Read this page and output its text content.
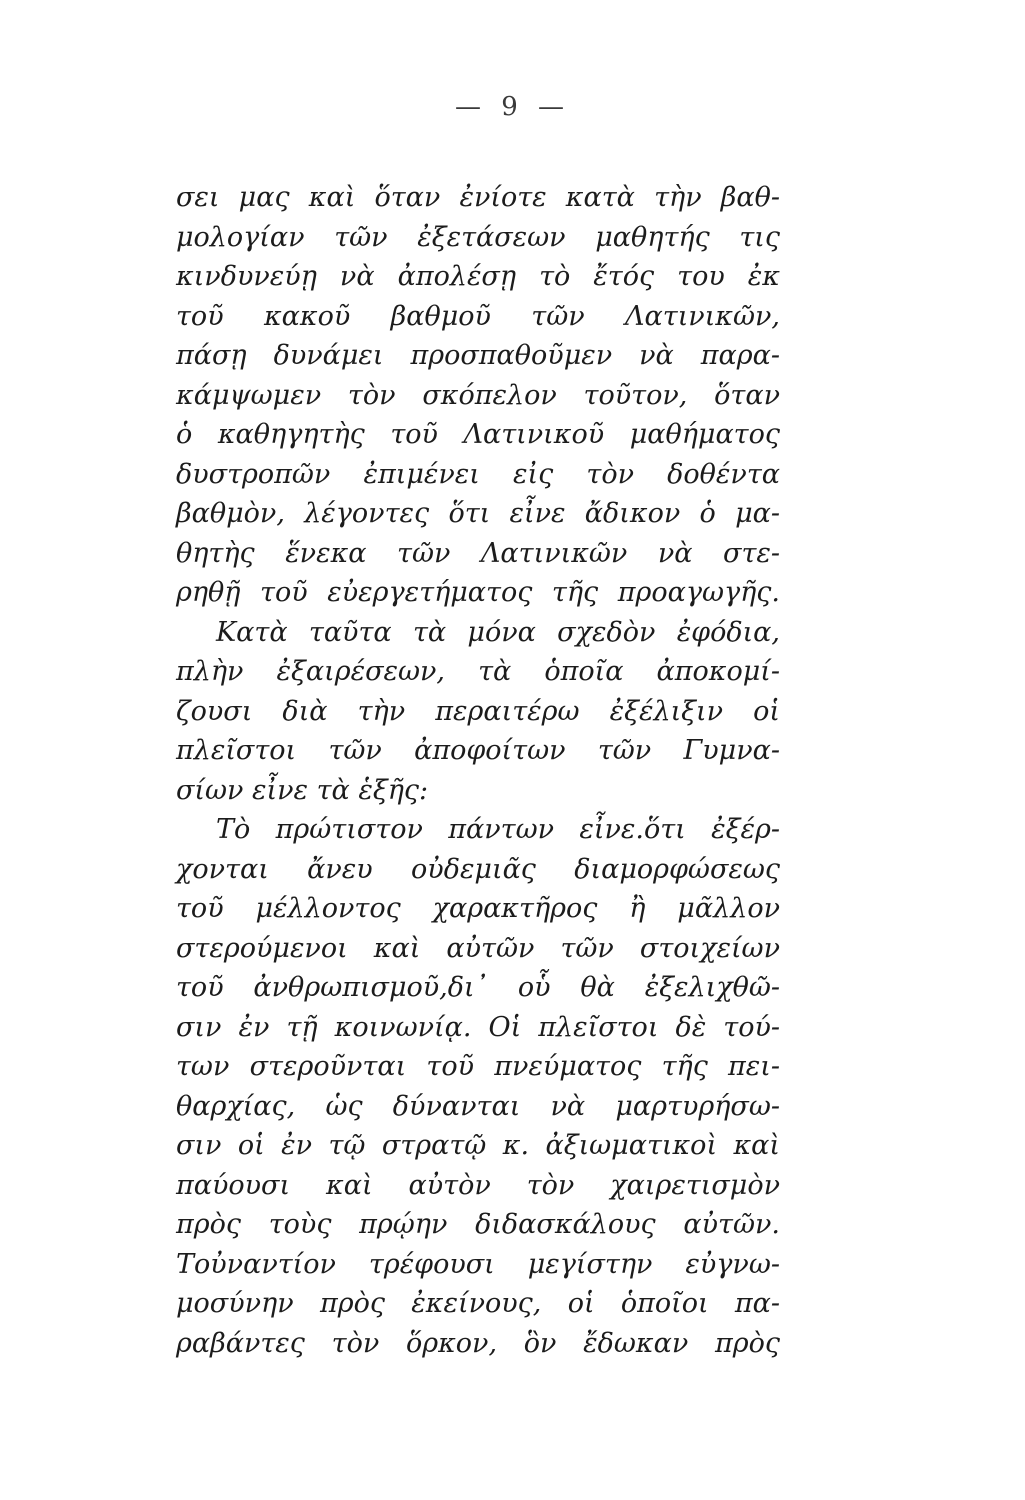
— 9 —
σει μας καὶ ὅταν ἐνίοτε κατὰ τὴν βαθ-
μολογίαν τῶν ἐξετάσεων μαθητής τις
κινδυνεύῃ νὰ ἀπολέσῃ τὸ ἔτός του ἐκ
τοῦ κακοῦ βαθμοῦ τῶν Λατινικῶν,
πάσῃ δυνάμει προσπαθοῦμεν νὰ παρα-
κάμψωμεν τὸν σκόπελον τοῦτον, ὅταν
ὁ καθηγητὴς τοῦ Λατινικοῦ μαθήματος
δυστροπῶν ἐπιμένει εἰς τὸν δοθέντα
βαθμὸν, λέγοντες ὅτι εἶνε ἄδικον ὁ μα-
θητὴς ἕνεκα τῶν Λατινικῶν νὰ στε-
ρηθῇ τοῦ εὐεργετήματος τῆς προαγωγῆς.
Κατὰ ταῦτα τὰ μόνα σχεδὸν ἐφόδια,
πλὴν ἐξαιρέσεων, τὰ ὁποῖα ἀποκομί-
ζουσι διὰ τὴν περαιτέρω ἐξέλιξιν οἱ
πλεῖστοι τῶν ἀποφοίτων τῶν Γυμνα-
σίων εἶνε τὰ ἑξῆς:
Τὸ πρώτιστον πάντων εἶνε.ὅτι ἐξέρ-
χονται ἄνευ οὐδεμιᾶς διαμορφώσεως
τοῦ μέλλοντος χαρακτῆρος ἢ μᾶλλον
στερούμενοι καὶ αὐτῶν τῶν στοιχείων
τοῦ ἀνθρωπισμοῦ,δι᾿ οὗ θὰ ἐξελιχθῶ-
σιν ἐν τῇ κοινωνίᾳ. Οἱ πλεῖστοι δὲ τού-
των στεροῦνται τοῦ πνεύματος τῆς πει-
θαρχίας, ὡς δύνανται νὰ μαρτυρήσω-
σιν οἱ ἐν τῷ στρατῷ κ. ἀξιωματικοὶ καὶ
παύουσι καὶ αὐτὸν τὸν χαιρετισμὸν
πρὸς τοὺς πρῴην διδασκάλους αὐτῶν.
Τοὐναντίον τρέφουσι μεγίστην εὐγνω-
μοσύνην πρὸς ἐκείνους, οἱ ὁποῖοι πα-
ραβάντες τὸν ὅρκον, ὃν ἔδωκαν πρὸς
